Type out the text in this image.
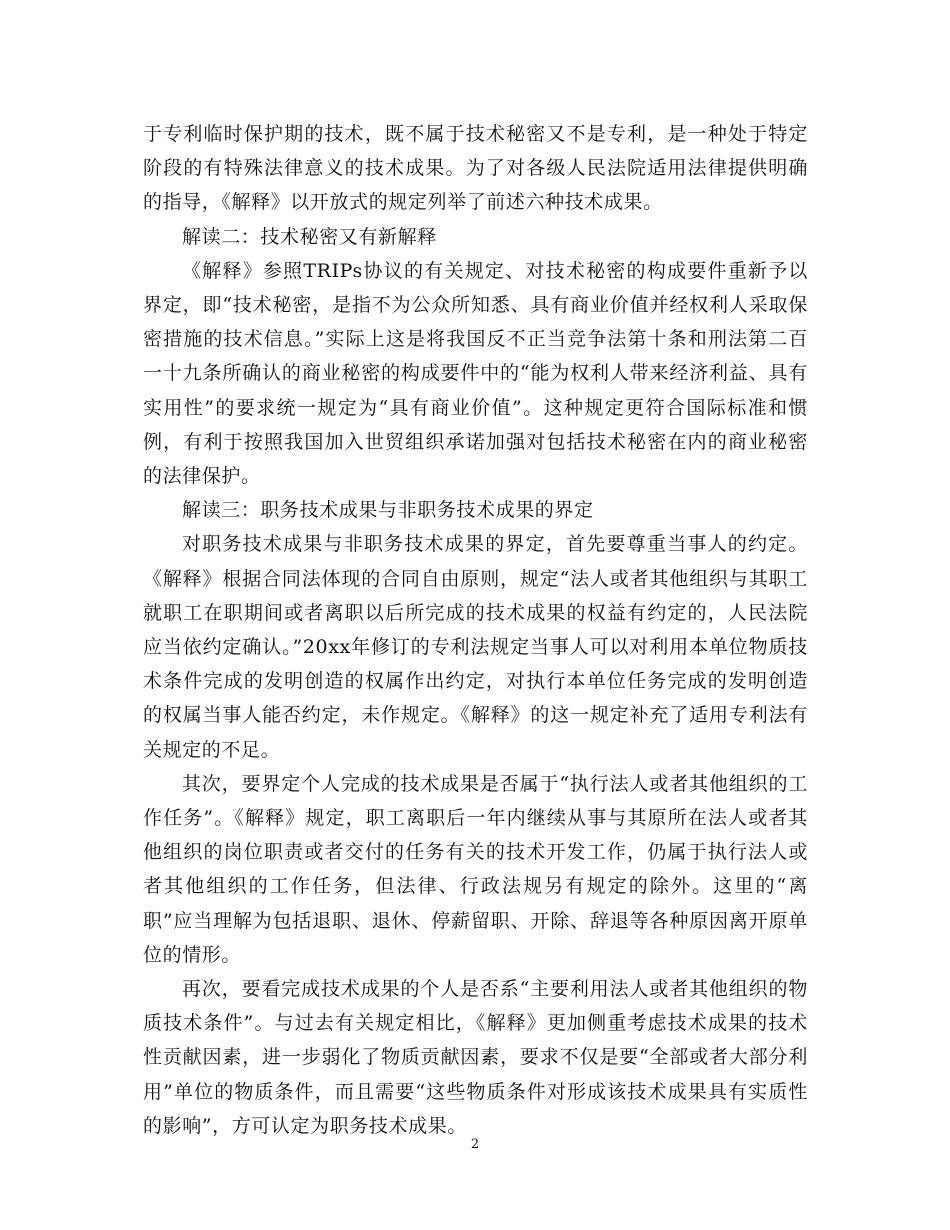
于专利临时保护期的技术，既不属于技术秘密又不是专利，是一种处于特定阶段的有特殊法律意义的技术成果。为了对各级人民法院适用法律提供明确的指导，《解释》以开放式的规定列举了前述六种技术成果。

解读二：技术秘密又有新解释

《解释》参照TRIPs协议的有关规定、对技术秘密的构成要件重新予以界定，即“技术秘密，是指不为公众所知悉、具有商业价值并经权利人采取保密措施的技术信息。”实际上这是将我国反不正当竞争法第十条和刑法第二百一十九条所确认的商业秘密的构成要件中的“能为权利人带来经济利益、具有实用性”的要求统一规定为“具有商业价值”。这种规定更符合国际标准和惯例，有利于按照我国加入世贸组织承诺加强对包括技术秘密在内的商业秘密的法律保护。

解读三：职务技术成果与非职务技术成果的界定

对职务技术成果与非职务技术成果的界定，首先要尊重当事人的约定。《解释》根据合同法体现的合同自由原则，规定“法人或者其他组织与其职工就职工在职期间或者离职以后所完成的技术成果的权益有约定的，人民法院应当依约定确认。”20xx年修订的专利法规定当事人可以对利用本单位物质技术条件完成的发明创造的权属作出约定，对执行本单位任务完成的发明创造的权属当事人能否约定，未作规定。《解释》的这一规定补充了适用专利法有关规定的不足。

其次，要界定个人完成的技术成果是否属于“执行法人或者其他组织的工作任务”。《解释》规定，职工离职后一年内继续从事与其原所在法人或者其他组织的岗位职责或者交付的任务有关的技术开发工作，仍属于执行法人或者其他组织的工作任务，但法律、行政法规另有规定的除外。这里的“离职”应当理解为包括退职、退休、停薪留职、开除、辞退等各种原因离开原单位的情形。

再次，要看完成技术成果的个人是否系“主要利用法人或者其他组织的物质技术条件”。与过去有关规定相比，《解释》更加侧重考虑技术成果的技术性贡献因素，进一步弱化了物质贡献因素，要求不仅是要“全部或者大部分利用”单位的物质条件，而且需要“这些物质条件对形成该技术成果具有实质性的影响”，方可认定为职务技术成果。

2
